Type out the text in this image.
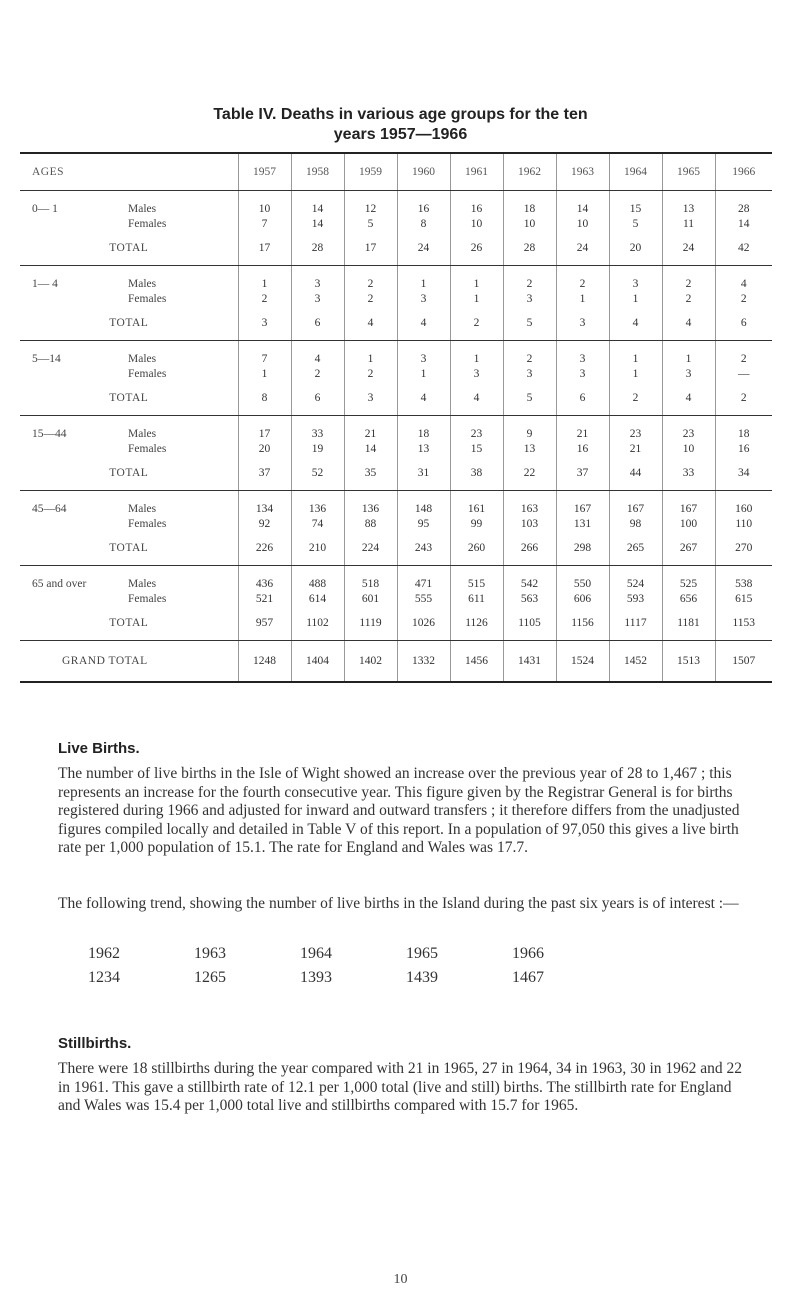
Table IV. Deaths in various age groups for the ten
years 1957—1966
AGES		1957	1958	1959	1960	1961	1962	1963	1964	1965	1966
0— 1	Males	10	14	12	16	16	18	14	15	13	28
	Females	7	14	5	8	10	10	10	5	11	14
TOTAL		17	28	17	24	26	28	24	20	24	42
1— 4	Males	1	3	2	1	1	2	2	3	2	4
	Females	2	3	2	3	1	3	1	1	2	2
TOTAL		3	6	4	4	2	5	3	4	4	6
5—14	Males	7	4	1	3	1	2	3	1	1	2
	Females	1	2	2	1	3	3	3	1	3	—
TOTAL		8	6	3	4	4	5	6	2	4	2
15—44	Males	17	33	21	18	23	9	21	23	23	18
	Females	20	19	14	13	15	13	16	21	10	16
TOTAL		37	52	35	31	38	22	37	44	33	34
45—64	Males	134	136	136	148	161	163	167	167	167	160
	Females	92	74	88	95	99	103	131	98	100	110
TOTAL		226	210	224	243	260	266	298	265	267	270
65 and over	Males	436	488	518	471	515	542	550	524	525	538
	Females	521	614	601	555	611	563	606	593	656	615
TOTAL		957	1102	1119	1026	1126	1105	1156	1117	1181	1153
GRAND TOTAL		1248	1404	1402	1332	1456	1431	1524	1452	1513	1507
Live Births.

The number of live births in the Isle of Wight showed an increase over the previous year of 28 to 1,467 ; this represents an increase for the fourth consecutive year. This figure given by the Registrar General is for births registered during 1966 and adjusted for inward and outward transfers ; it therefore differs from the unadjusted figures compiled locally and detailed in Table V of this report. In a population of 97,050 this gives a live birth rate per 1,000 population of 15.1. The rate for England and Wales was 17.7.

The following trend, showing the number of live births in the Island during the past six years is of interest :—

1962	1963	1964	1965	1966
1234	1265	1393	1439	1467
Stillbirths.

There were 18 stillbirths during the year compared with 21 in 1965, 27 in 1964, 34 in 1963, 30 in 1962 and 22 in 1961. This gave a stillbirth rate of 12.1 per 1,000 total (live and still) births. The stillbirth rate for England and Wales was 15.4 per 1,000 total live and stillbirths compared with 15.7 for 1965.

10
